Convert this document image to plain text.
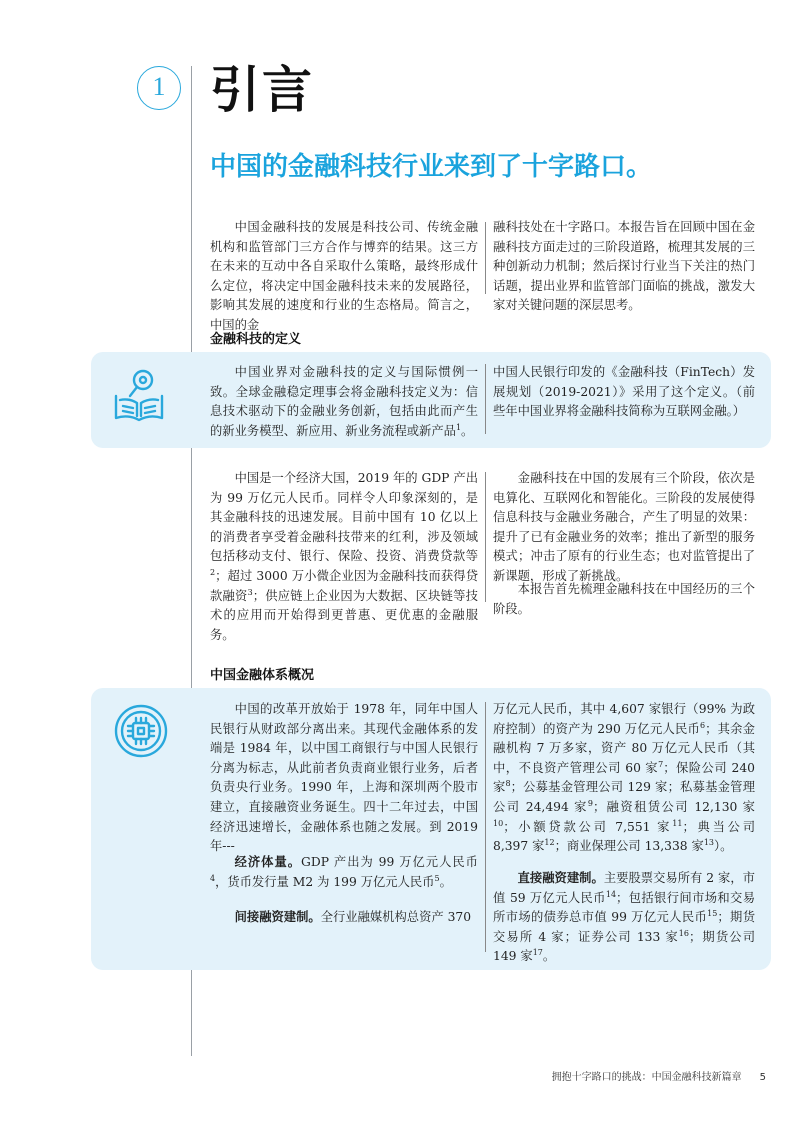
1 引言
中国的金融科技行业来到了十字路口。
中国金融科技的发展是科技公司、传统金融机构和监管部门三方合作与博弈的结果。这三方在未来的互动中各自采取什么策略，最终形成什么定位，将决定中国金融科技未来的发展路径，影响其发展的速度和行业的生态格局。简言之，中国的金
融科技处在十字路口。本报告旨在回顾中国在金融科技方面走过的三阶段道路，梳理其发展的三种创新动力机制；然后探讨行业当下关注的热门话题，提出业界和监管部门面临的挑战，激发大家对关键问题的深层思考。
金融科技的定义
中国业界对金融科技的定义与国际惯例一致。全球金融稳定理事会将金融科技定义为：信息技术驱动下的金融业务创新，包括由此而产生的新业务模型、新应用、新业务流程或新产品$^1$。
中国人民银行印发的《金融科技（FinTech）发展规划（2019-2021）》采用了这个定义。（前些年中国业界将金融科技简称为互联网金融。）
中国是一个经济大国，2019 年的 GDP 产出为 99 万亿元人民币。同样令人印象深刻的，是其金融科技的迅速发展。目前中国有 10 亿以上的消费者享受着金融科技带来的红利，涉及领域包括移动支付、银行、保险、投资、消费贷款等$^2$；超过 3000 万小微企业因为金融科技而获得贷款融资$^3$；供应链上企业因为大数据、区块链等技术的应用而开始得到更普惠、更优惠的金融服务。
金融科技在中国的发展有三个阶段，依次是电算化、互联网化和智能化。三阶段的发展使得信息科技与金融业务融合，产生了明显的效果：提升了已有金融业务的效率；推出了新型的服务模式；冲击了原有的行业生态；也对监管提出了新课题，形成了新挑战。
本报告首先梳理金融科技在中国经历的三个阶段。
中国金融体系概况
中国的改革开放始于 1978 年，同年中国人民银行从财政部分离出来。其现代金融体系的发端是 1984 年，以中国工商银行与中国人民银行分离为标志，从此前者负责商业银行业务，后者负责央行业务。1990 年，上海和深圳两个股市建立，直接融资业务诞生。四十二年过去，中国经济迅速增长，金融体系也随之发展。到 2019 年---
经济体量。GDP 产出为 99 万亿元人民币$^4$，货币发行量 M2 为 199 万亿元人民币$^5$。
间接融资建制。全行业融媒机构总资产 370
万亿元人民币，其中 4,607 家银行（99% 为政府控制）的资产为 290 万亿元人民币$^6$；其余金融机构 7 万多家，资产 80 万亿元人民币（其中，不良资产管理公司 60 家$^7$；保险公司 240 家$^8$；公募基金管理公司 129 家；私募基金管理公司 24,494 家$^9$；融资租赁公司 12,130 家$^{10}$；小额贷款公司 7,551 家$^{11}$；典当公司 8,397 家$^{12}$；商业保理公司 13,338 家$^{13}$）。
直接融资建制。主要股票交易所有 2 家，市值 59 万亿元人民币$^{14}$；包括银行间市场和交易所市场的债券总市值 99 万亿元人民币$^{15}$；期货交易所 4 家；证券公司 133 家$^{16}$；期货公司 149 家$^{17}$。
拥抱十字路口的挑战：中国金融科技新篇章 5
